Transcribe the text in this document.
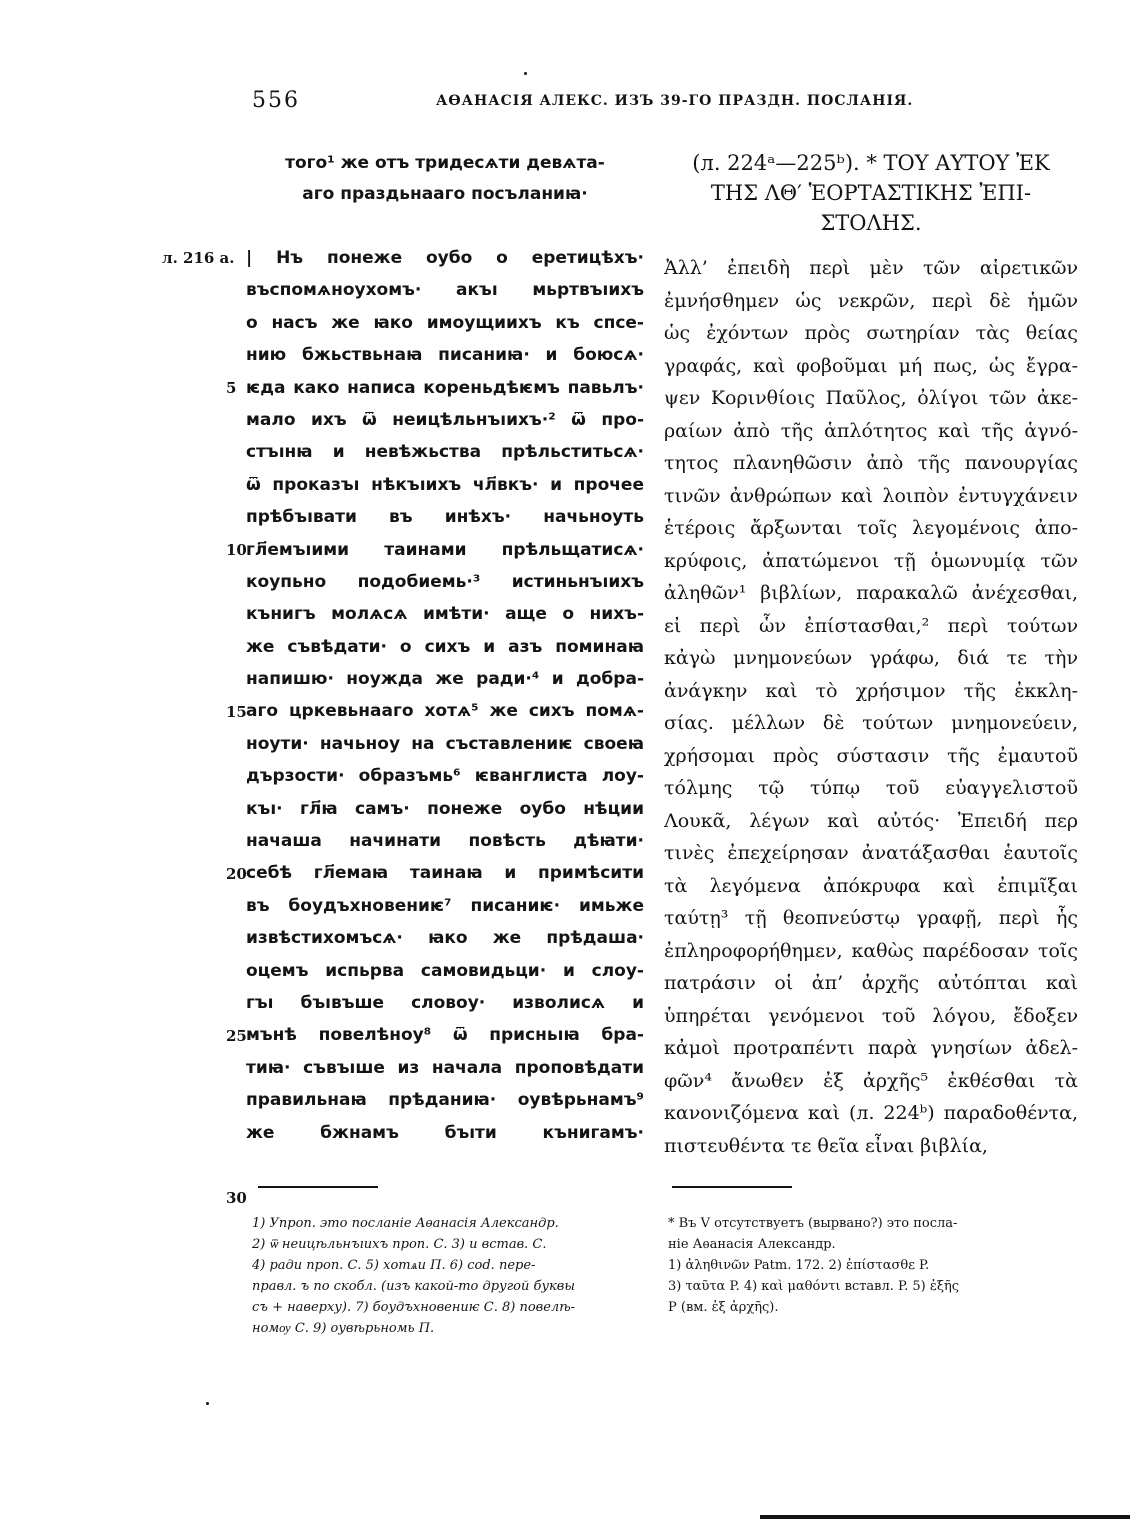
556	АѲАНАСІЯ АЛЕКС. ИЗЪ 39-ГО ПРАЗДН. ПОСЛАНІЯ.
того¹ же отъ тридесѧти девѧта-
аго праздьнааго посъланиꙗ·
| Нъ понеже оубо о еретицѣхъ·
въспомѧноухомъ· акъı мьртвъıихъ
о насъ же ꙗко имоущиихъ къ спсе-
нию бжьствьнаꙗ писаниꙗ· и боюсѧ·
ѥда како написа кореньдѣѥмъ павьлъ·
мало ихъ ѿ неицѣльнъıихъ·² ѿ про-
стъıнꙗ и невѣжьства прѣльститьсѧ·
ѿ проказъı нѣкъıихъ чл҃вкъ· и прочее
прѣбъıвати въ инѣхъ· начьноуть
гл҃емъıими таинами прѣльщатисѧ·
коупьно подобиемь·³ истиньнъıихъ
кънигъ молѧсѧ имѣти· аще о нихъ-
же съвѣдати· о сихъ и азъ поминаꙗ
напишю· ноужда же ради·⁴ и добра-
аго цркевьнааго хотѧ⁵ же сихъ помѧ-
ноути· начьноу на съставлениѥ своеꙗ
дързости· образъмь⁶ ѥванглиста лоу-
къı· гл҃ꙗ самъ· понеже оубо нѣции
начаша начинати повѣсть дѣꙗти·
себѣ гл҃емаꙗ таинаꙗ и примѣсити
въ боудъхновениѥ⁷ писаниѥ· имьже
извѣстихомъсѧ· ꙗко же прѣдаша·
оцемъ испьрва самовидьци· и слоу-
гъı бъıвъше словоу· изволисѧ и
мънѣ повелѣноу⁸ ѿ присньıꙗ бра-
тиꙗ· съвъıше из начала проповѣдати
правильнаꙗ прѣданиꙗ· оувѣрьнамъ⁹
же бжнамъ бъıти кънигамъ·
л. 216 а.
5
10
15
20
25
30
(л. 224ᵃ—225ᵇ). * ΤΟΥ ΑΥΤΟΥ ἘΚ
ΤΗΣ ΛΘ′ ἙΟΡΤΑΣΤΙΚΗΣ ἘΠΙ-
ΣΤΟΛΗΣ.
Ἀλλ’ ἐπειδὴ περὶ μὲν τῶν αἱρετικῶν
ἐμνήσθημεν ὡς νεκρῶν, περὶ δὲ ἡμῶν
ὡς ἐχόντων πρὸς σωτηρίαν τὰς θείας
γραφάς, καὶ φοβοῦμαι μή πως, ὡς ἔγρα-
ψεν Κορινθίοις Παῦλος, ὀλίγοι τῶν ἀκε-
ραίων ἀπὸ τῆς ἁπλότητος καὶ τῆς ἁγνό-
τητος πλανηθῶσιν ἀπὸ τῆς πανουργίας
τινῶν ἀνθρώπων καὶ λοιπὸν ἐντυγχάνειν
ἑτέροις ἄρξωνται τοῖς λεγομένοις ἀπο-
κρύφοις, ἀπατώμενοι τῇ ὁμωνυμίᾳ τῶν
ἀληθῶν¹ βιβλίων, παρακαλῶ ἀνέχεσθαι,
εἰ περὶ ὧν ἐπίστασθαι,² περὶ τούτων
κἀγὼ μνημονεύων γράφω, διά τε τὴν
ἀνάγκην καὶ τὸ χρήσιμον τῆς ἐκκλη-
σίας. μέλλων δὲ τούτων μνημονεύειν,
χρήσομαι πρὸς σύστασιν τῆς ἐμαυτοῦ
τόλμης τῷ τύπῳ τοῦ εὐαγγελιστοῦ
Λουκᾶ, λέγων καὶ αὐτός· Ἐπειδή περ
τινὲς ἐπεχείρησαν ἀνατάξασθαι ἑαυτοῖς
τὰ λεγόμενα ἀπόκρυφα καὶ ἐπιμῖξαι
ταύτῃ³ τῇ θεοπνεύστῳ γραφῇ, περὶ ἧς
ἐπληροφορήθημεν, καθὼς παρέδοσαν τοῖς
πατράσιν οἱ ἀπ’ ἀρχῆς αὐτόπται καὶ
ὑπηρέται γενόμενοι τοῦ λόγου, ἔδοξεν
κἀμοὶ προτραπέντι παρὰ γνησίων ἀδελ-
φῶν⁴ ἄνωθεν ἐξ ἀρχῆς⁵ ἐκθέσθαι τὰ
κανονιζόμενα καὶ (л. 224ᵇ) παραδοθέντα,
πιστευθέντα τε θεῖα εἶναι βιβλία,
1) Упроп. это посланіе Аѳанасія Александр.
2) ѿ неицѣльнъıихъ проп. С. 3) и встав. С.
4) ради проп. С. 5) хотѧи П. 6) cod. пере-
правл. ъ по скобл. (изъ какой-то другой буквы
съ + наверху). 7) боудъхновениѥ С. 8) повелѣ-
номѹ С. 9) оувѣрьномь П.
* Въ V отсутствуетъ (вырвано?) это посла-
ніе Аѳанасія Александр.
1) ἀληθινῶν Patm. 172. 2) ἐπίστασθε P.
3) ταῦτα P. 4) καὶ μαθόντι вставл. P. 5) ἐξῆς
P (вм. ἐξ ἀρχῆς).
